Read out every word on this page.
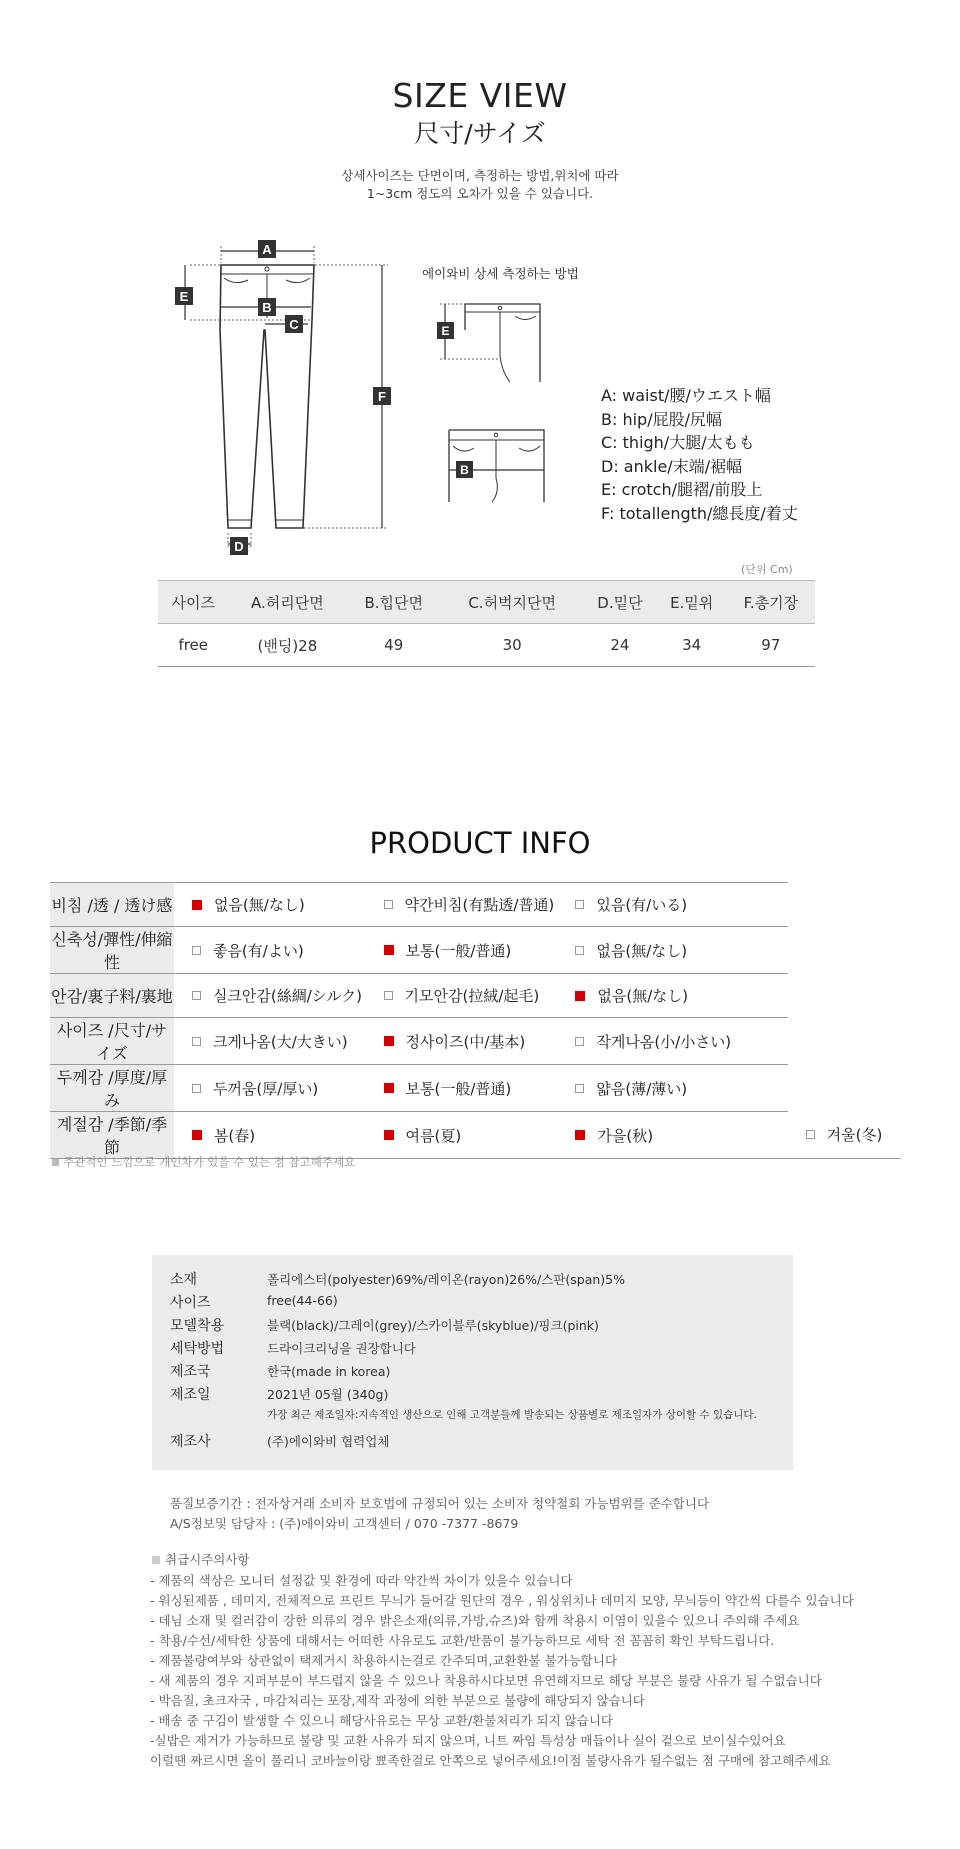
SIZE VIEW
尺寸/サイズ
상세사이즈는 단면이며, 측정하는 방법,위치에 따라
1~3cm 정도의 오차가 있을 수 있습니다.
A
E
B
C
F
D
E
B
에이와비 상세 측정하는 방법
A: waist/腰/ウエスト幅
B: hip/屁股/尻幅
C: thigh/大腿/太もも
D: ankle/末端/裾幅
E: crotch/腿褶/前股上
F: totallength/總長度/着丈
(단위 Cm)
사이즈	A.허리단면	B.힙단면	C.허벅지단면	D.밑단	E.밑위	F.총기장
free	(밴딩)28	49	30	24	34	97
PRODUCT INFO
비침 /透 / 透け感	없음(無/なし)	약간비침(有點透/普通)	있음(有/いる)	
신축성/彈性/伸縮性	좋음(有/よい)	보통(一般/普通)	없음(無/なし)	
안감/裏子料/裏地	실크안감(絲綢/シルク)	기모안감(拉絨/起毛)	없음(無/なし)	
사이즈 /尺寸/サイズ	크게나옴(大/大きい)	정사이즈(中/基本)	작게나옴(小/小さい)	
두께감 /厚度/厚み	두꺼움(厚/厚い)	보통(一般/普通)	얇음(薄/薄い)	
계절감 /季節/季節	봄(春)	여름(夏)	가을(秋)	겨울(冬)
주관적인 느낌으로 개인차가 있을 수 있는 점 참고해주세요
소재	폴리에스터(polyester)69%/레이온(rayon)26%/스판(span)5%
사이즈	free(44-66)
모델착용	블랙(black)/그레이(grey)/스카이블루(skyblue)/핑크(pink)
세탁방법	드라이크리닝을 권장합니다
제조국	한국(made in korea)
제조일	2021년 05월 (340g)
제조사	(주)에이와비 협력업체
가장 최근 제조일자:지속적인 생산으로 인해 고객분들께 발송되는 상품별로 제조일자가 상이할 수 있습니다.
품질보증기간 : 전자상거래 소비자 보호법에 규정되어 있는 소비자 청약철회 가능범위를 준수합니다
A/S정보및 담당자 : (주)에이와비 고객센터 / 070 -7377 -8679
취급시주의사항
- 제품의 색상은 모니터 설정값 및 환경에 따라 약간씩 차이가 있을수 있습니다
- 워싱된제품 , 데미지, 전체적으로 프린트 무늬가 들어갈 원단의 경우 , 워싱위치나 데미지 모양, 무늬등이 약간씩 다를수 있습니다
- 데님 소재 및 컬러감이 강한 의류의 경우 밝은소재(의류,가방,슈즈)와 함께 착용시 이염이 있을수 있으니 주의해 주세요
- 착용/수선/세탁한 상품에 대해서는 어떠한 사유로도 교환/반품이 불가능하므로 세탁 전 꼼꼼히 확인 부탁드립니다.
- 제품불량여부와 상관없이 택제거시 착용하시는걸로 간주되며,교환환불 불가능합니다
- 새 제품의 경우 지퍼부분이 부드럽지 않을 수 있으나 착용하시다보면 유연해지므로 해당 부분은 불량 사유가 될 수없습니다
- 박음질, 초크자국 , 마감처리는 포장,제작 과정에 의한 부분으로 불량에 해당되지 않습니다
- 배송 중 구김이 발생할 수 있으니 해당사유로는 무상 교환/환불처리가 되지 않습니다
-실밥은 제거가 가능하므로 불량 및 교환 사유가 되지 않으며, 니트 짜임 특성상 매듭이나 실이 겉으로 보이실수있어요
이럴땐 짜르시면 올이 풀리니 코바늘이랑 뾰족한걸로 안쪽으로 넣어주세요!이점 불량사유가 될수없는 점 구매에 참고해주세요
